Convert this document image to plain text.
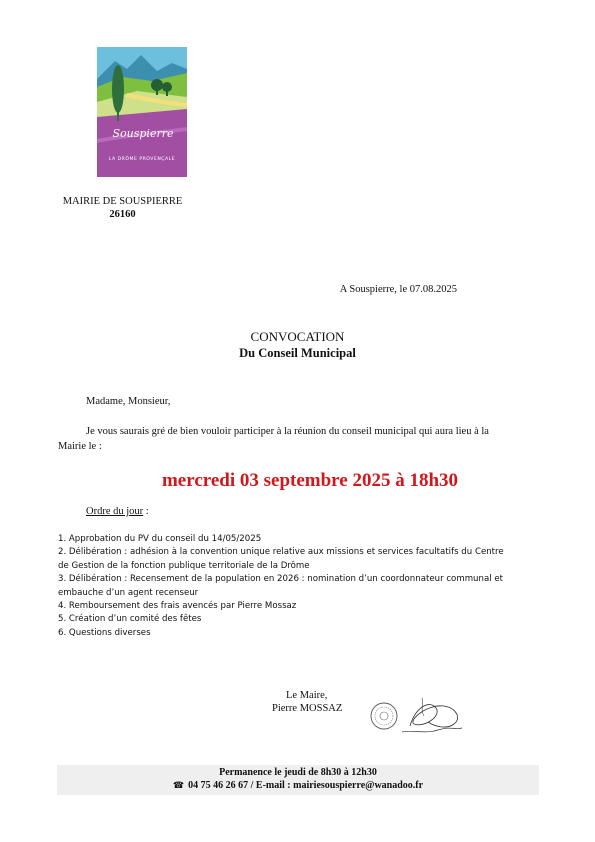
Souspierre
LA DRÔME PROVENÇALE
MAIRIE DE SOUSPIERRE
26160
A Souspierre, le 07.08.2025
CONVOCATION
Du Conseil Municipal
Madame, Monsieur,
Je vous saurais gré de bien vouloir participer à la réunion du conseil municipal qui aura lieu à la
Mairie le :
mercredi 03 septembre 2025 à 18h30
Ordre du jour :
1. Approbation du PV du conseil du 14/05/2025
2. Délibération : adhésion à la convention unique relative aux missions et services facultatifs du Centre
de Gestion de la fonction publique territoriale de la Drôme
3. Délibération : Recensement de la population en 2026 : nomination d’un coordonnateur communal et
embauche d’un agent recenseur
4. Remboursement des frais avencés par Pierre Mossaz
5. Création d’un comité des fêtes
6. Questions diverses
Le Maire,
Pierre MOSSAZ
Permanence le jeudi de 8h30 à 12h30
☎ 04 75 46 26 67 / E-mail : mairiesouspierre@wanadoo.fr
